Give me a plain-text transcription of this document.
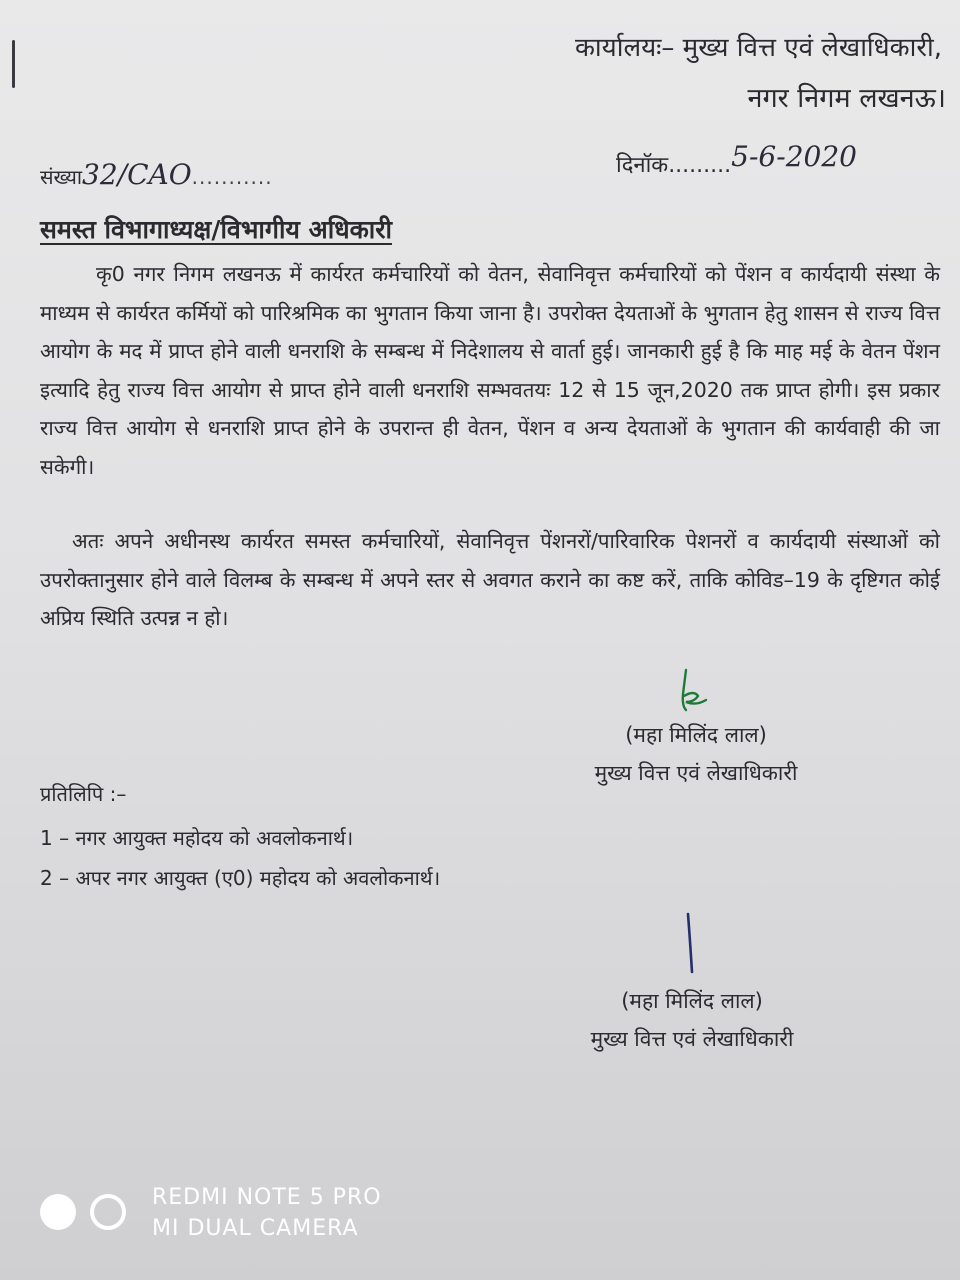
कार्यालयः– मुख्य वित्त एवं लेखाधिकारी,
नगर निगम लखनऊ।
संख्या32/CAO...........	दिनॉक.........5-6-2020
समस्त विभागाध्यक्ष/विभागीय अधिकारी

कृ0 नगर निगम लखनऊ में कार्यरत कर्मचारियों को वेतन, सेवानिवृत्त कर्मचारियों को पेंशन व कार्यदायी संस्था के माध्यम से कार्यरत कर्मियों को पारिश्रमिक का भुगतान किया जाना है। उपरोक्त देयताओं के भुगतान हेतु शासन से राज्य वित्त आयोग के मद में प्राप्त होने वाली धनराशि के सम्बन्ध में निदेशालय से वार्ता हुई। जानकारी हुई है कि माह मई के वेतन पेंशन इत्यादि हेतु राज्य वित्त आयोग से प्राप्त होने वाली धनराशि सम्भवतयः 12 से 15 जून,2020 तक प्राप्त होगी। इस प्रकार राज्य वित्त आयोग से धनराशि प्राप्त होने के उपरान्त ही वेतन, पेंशन व अन्य देयताओं के भुगतान की कार्यवाही की जा सकेगी।

अतः अपने अधीनस्थ कार्यरत समस्त कर्मचारियों, सेवानिवृत्त पेंशनरों/पारिवारिक पेशनरों व कार्यदायी संस्थाओं को उपरोक्तानुसार होने वाले विलम्ब के सम्बन्ध में अपने स्तर से अवगत कराने का कष्ट करें, ताकि कोविड–19 के दृष्टिगत कोई अप्रिय स्थिति उत्पन्न न हो।

(महा मिलिंद लाल)
मुख्य वित्त एवं लेखाधिकारी
प्रतिलिपि :–
1 – नगर आयुक्त महोदय को अवलोकनार्थ।
2 – अपर नगर आयुक्त (ए0) महोदय को अवलोकनार्थ।
(महा मिलिंद लाल)
मुख्य वित्त एवं लेखाधिकारी
REDMI NOTE 5 PRO
MI DUAL CAMERA
